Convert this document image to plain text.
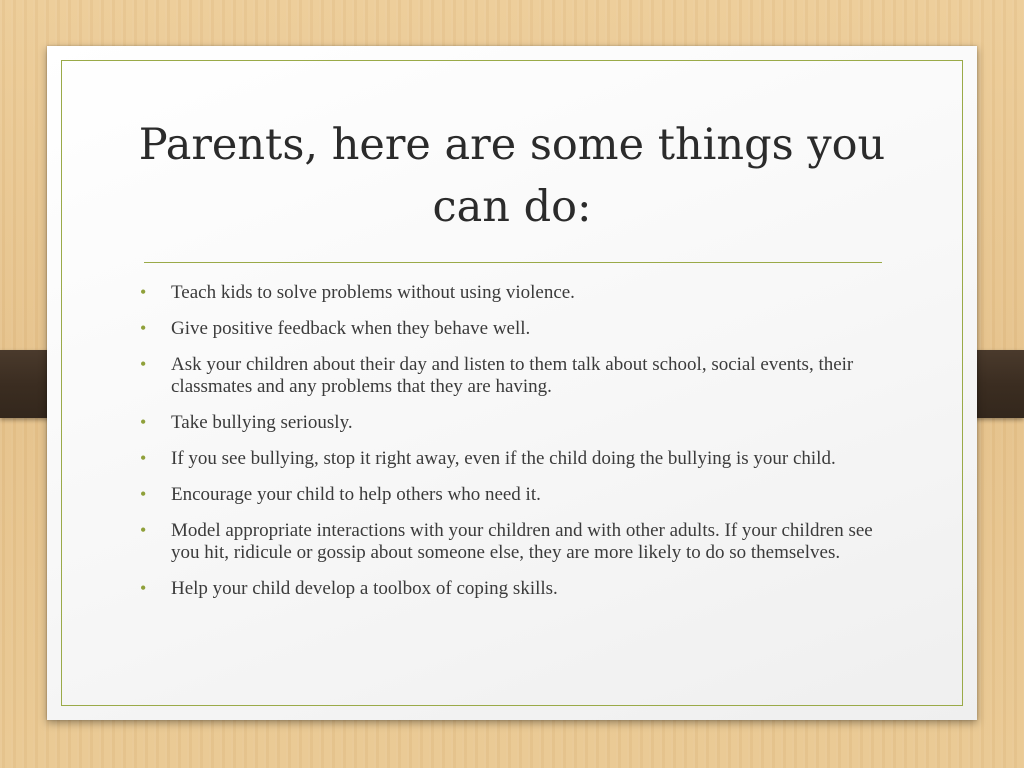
Parents, here are some things you can do:
• Teach kids to solve problems without using violence.
• Give positive feedback when they behave well.
• Ask your children about their day and listen to them talk about school, social events, their classmates and any problems that they are having.
• Take bullying seriously.
• If you see bullying, stop it right away, even if the child doing the bullying is your child.
• Encourage your child to help others who need it.
• Model appropriate interactions with your children and with other adults. If your children see you hit, ridicule or gossip about someone else, they are more likely to do so themselves.
• Help your child develop a toolbox of coping skills.
